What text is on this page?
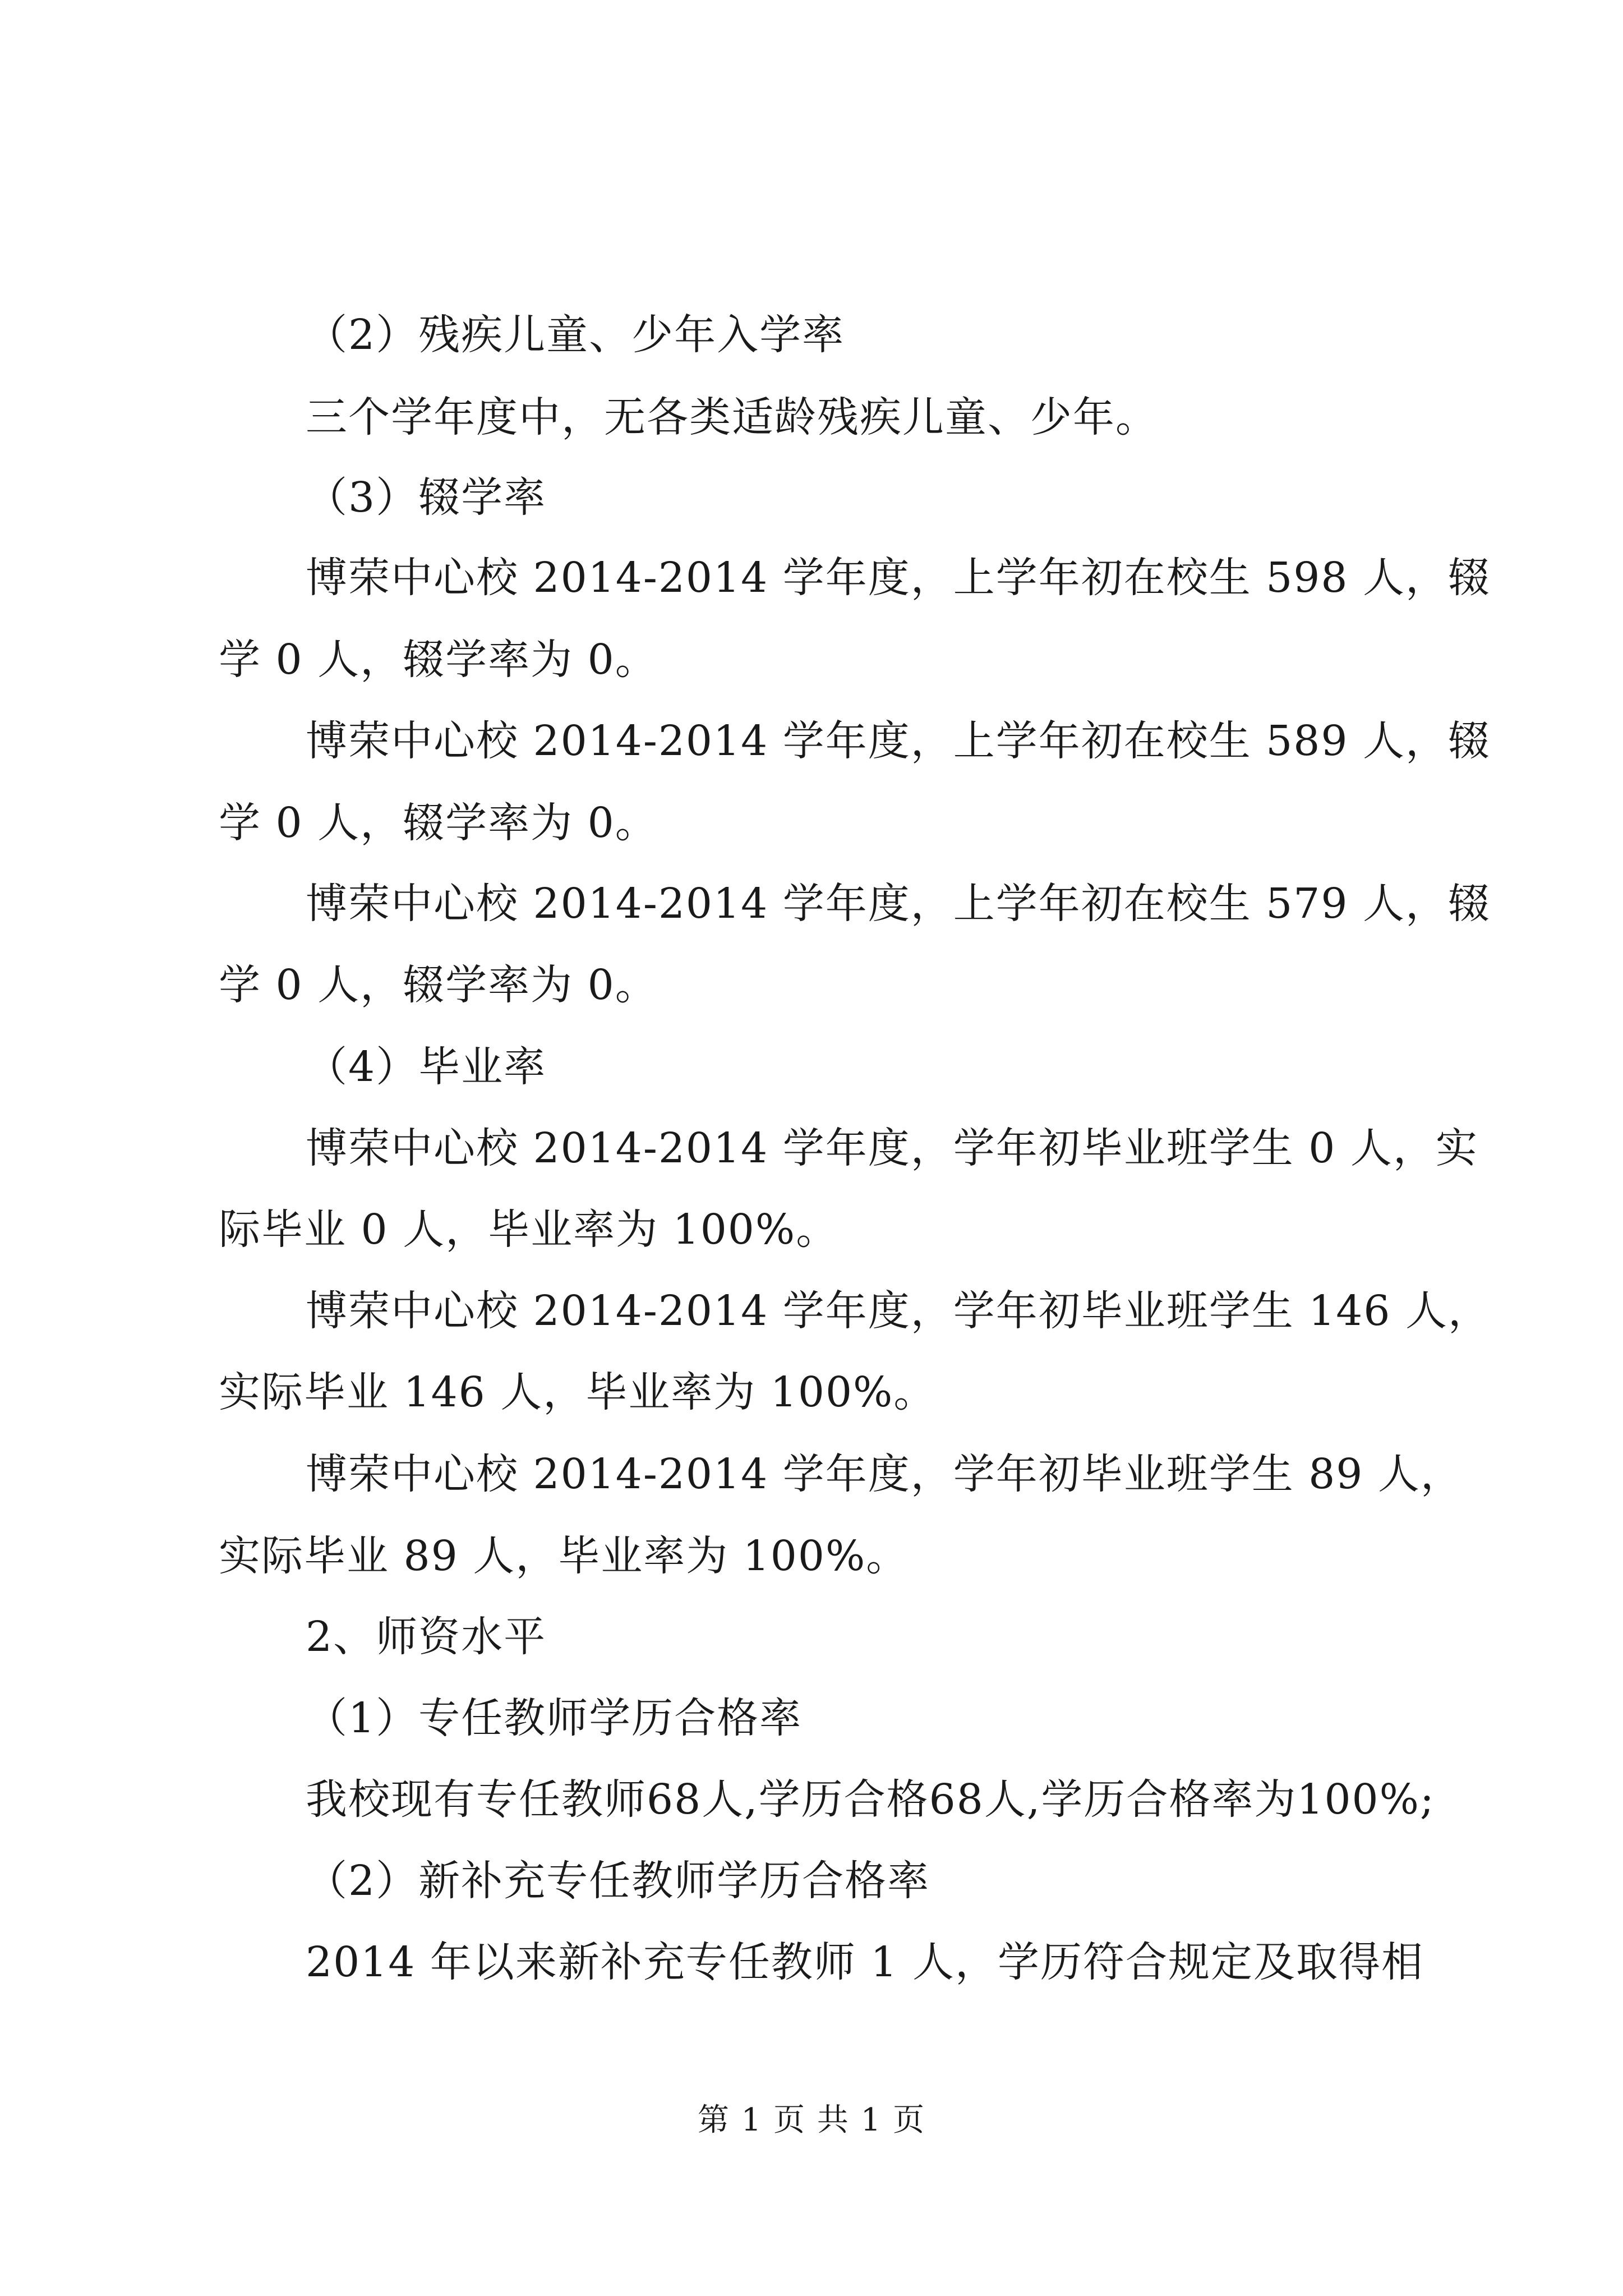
（2）残疾儿童、少年入学率
三个学年度中，无各类适龄残疾儿童、少年。
（3）辍学率
博荣中心校 2014-2014 学年度，上学年初在校生 598 人，辍
学 0 人，辍学率为 0。
博荣中心校 2014-2014 学年度，上学年初在校生 589 人，辍
学 0 人，辍学率为 0。
博荣中心校 2014-2014 学年度，上学年初在校生 579 人，辍
学 0 人，辍学率为 0。
（4）毕业率
博荣中心校 2014-2014 学年度，学年初毕业班学生 0 人，实
际毕业 0 人，毕业率为 100%。
博荣中心校 2014-2014 学年度，学年初毕业班学生 146 人，
实际毕业 146 人，毕业率为 100%。
博荣中心校 2014-2014 学年度，学年初毕业班学生 89 人，
实际毕业 89 人，毕业率为 100%。
2、师资水平
（1）专任教师学历合格率
我校现有专任教师68人,学历合格68人,学历合格率为100%;
（2）新补充专任教师学历合格率
2014 年以来新补充专任教师 1 人，学历符合规定及取得相
第 1 页 共 1 页
